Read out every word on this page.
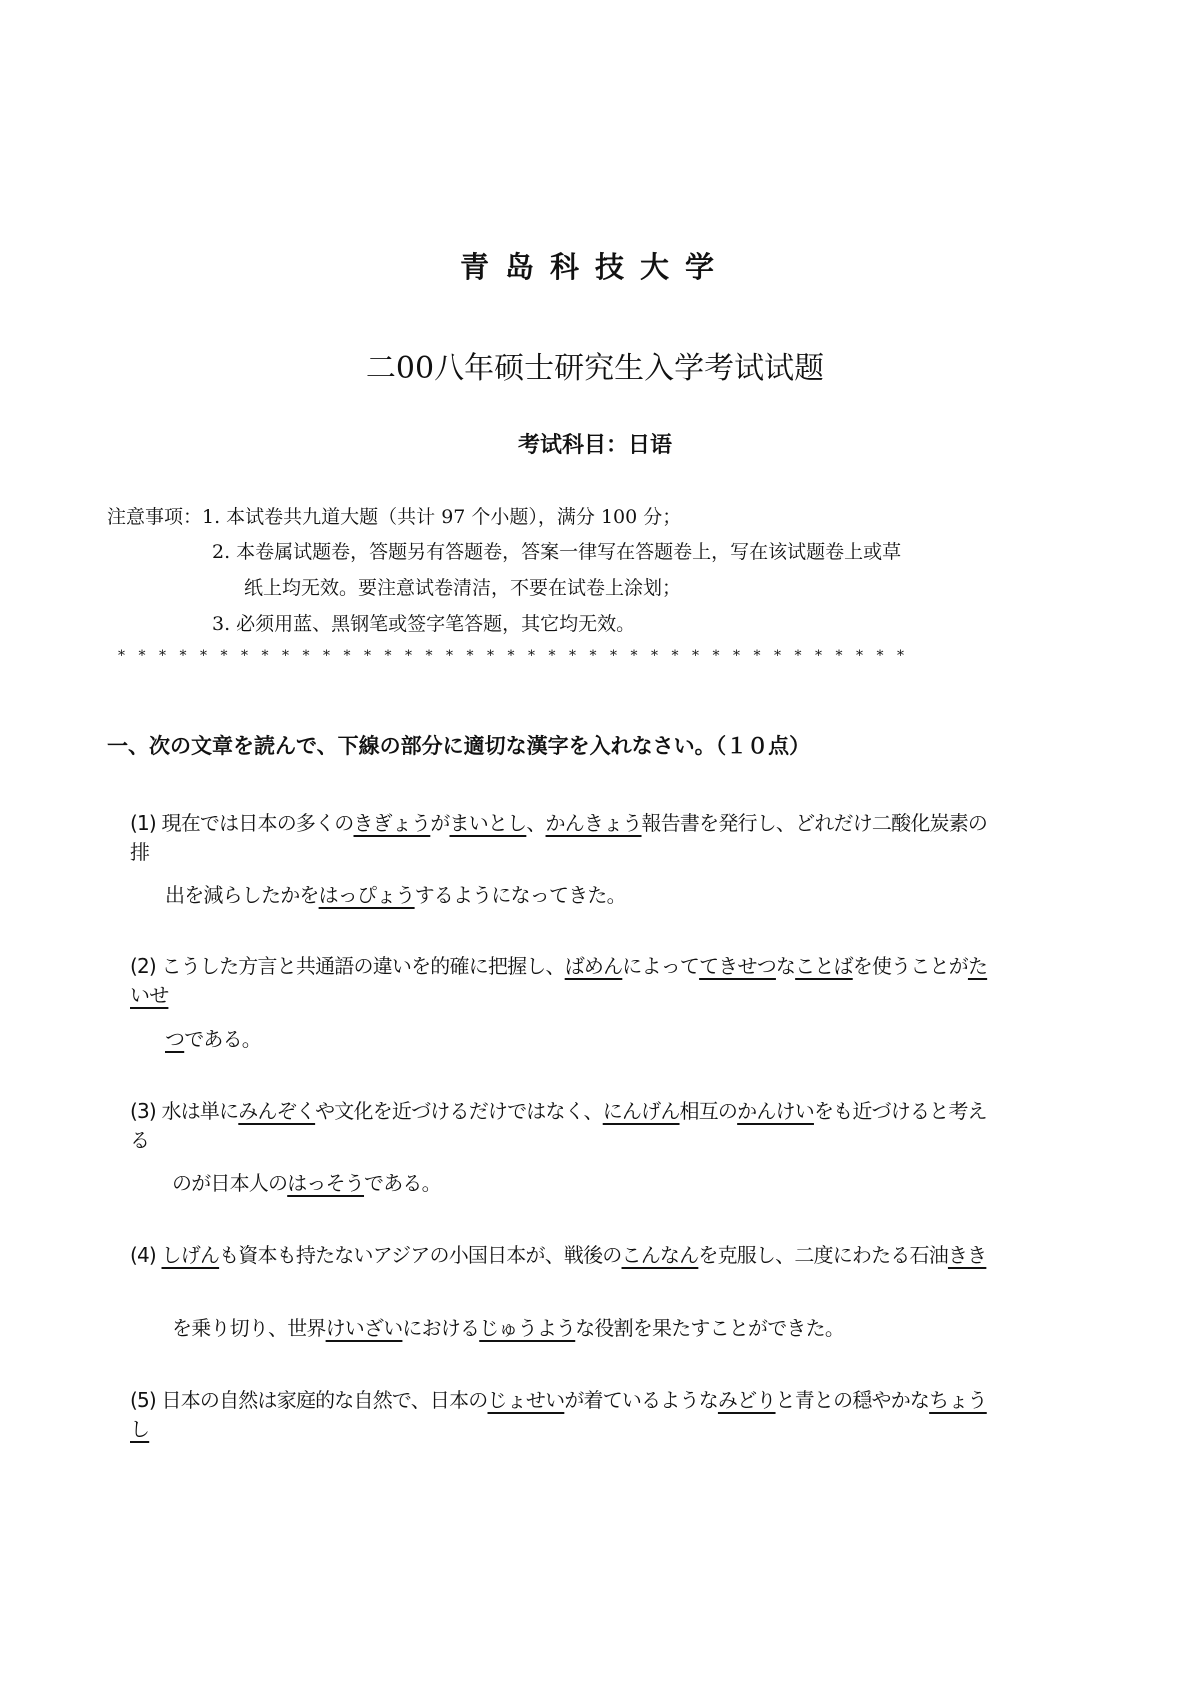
青岛科技大学
二00八年硕士研究生入学考试试题
考试科目：日语
注意事项：1. 本试卷共九道大题（共计 97 个小题），满分 100 分；
2. 本卷属试题卷，答题另有答题卷，答案一律写在答题卷上，写在该试题卷上或草
纸上均无效。要注意试卷清洁，不要在试卷上涂划；
3. 必须用蓝、黑钢笔或签字笔答题，其它均无效。
***************************************
一、次の文章を読んで、下線の部分に適切な漢字を入れなさい。（１０点）
(1) 現在では日本の多くのきぎょうがまいとし、かんきょう報告書を発行し、どれだけ二酸化炭素の排
出を減らしたかをはっぴょうするようになってきた。
(2) こうした方言と共通語の違いを的確に把握し、ばめんによっててきせつなことばを使うことがたいせ
つである。
(3) 水は単にみんぞくや文化を近づけるだけではなく、にんげん相互のかんけいをも近づけると考える
のが日本人のはっそうである。
(4) しげんも資本も持たないアジアの小国日本が、戦後のこんなんを克服し、二度にわたる石油きき
を乗り切り、世界けいざいにおけるじゅうような役割を果たすことができた。
(5) 日本の自然は家庭的な自然で、日本のじょせいが着ているようなみどりと青との穏やかなちょうし
